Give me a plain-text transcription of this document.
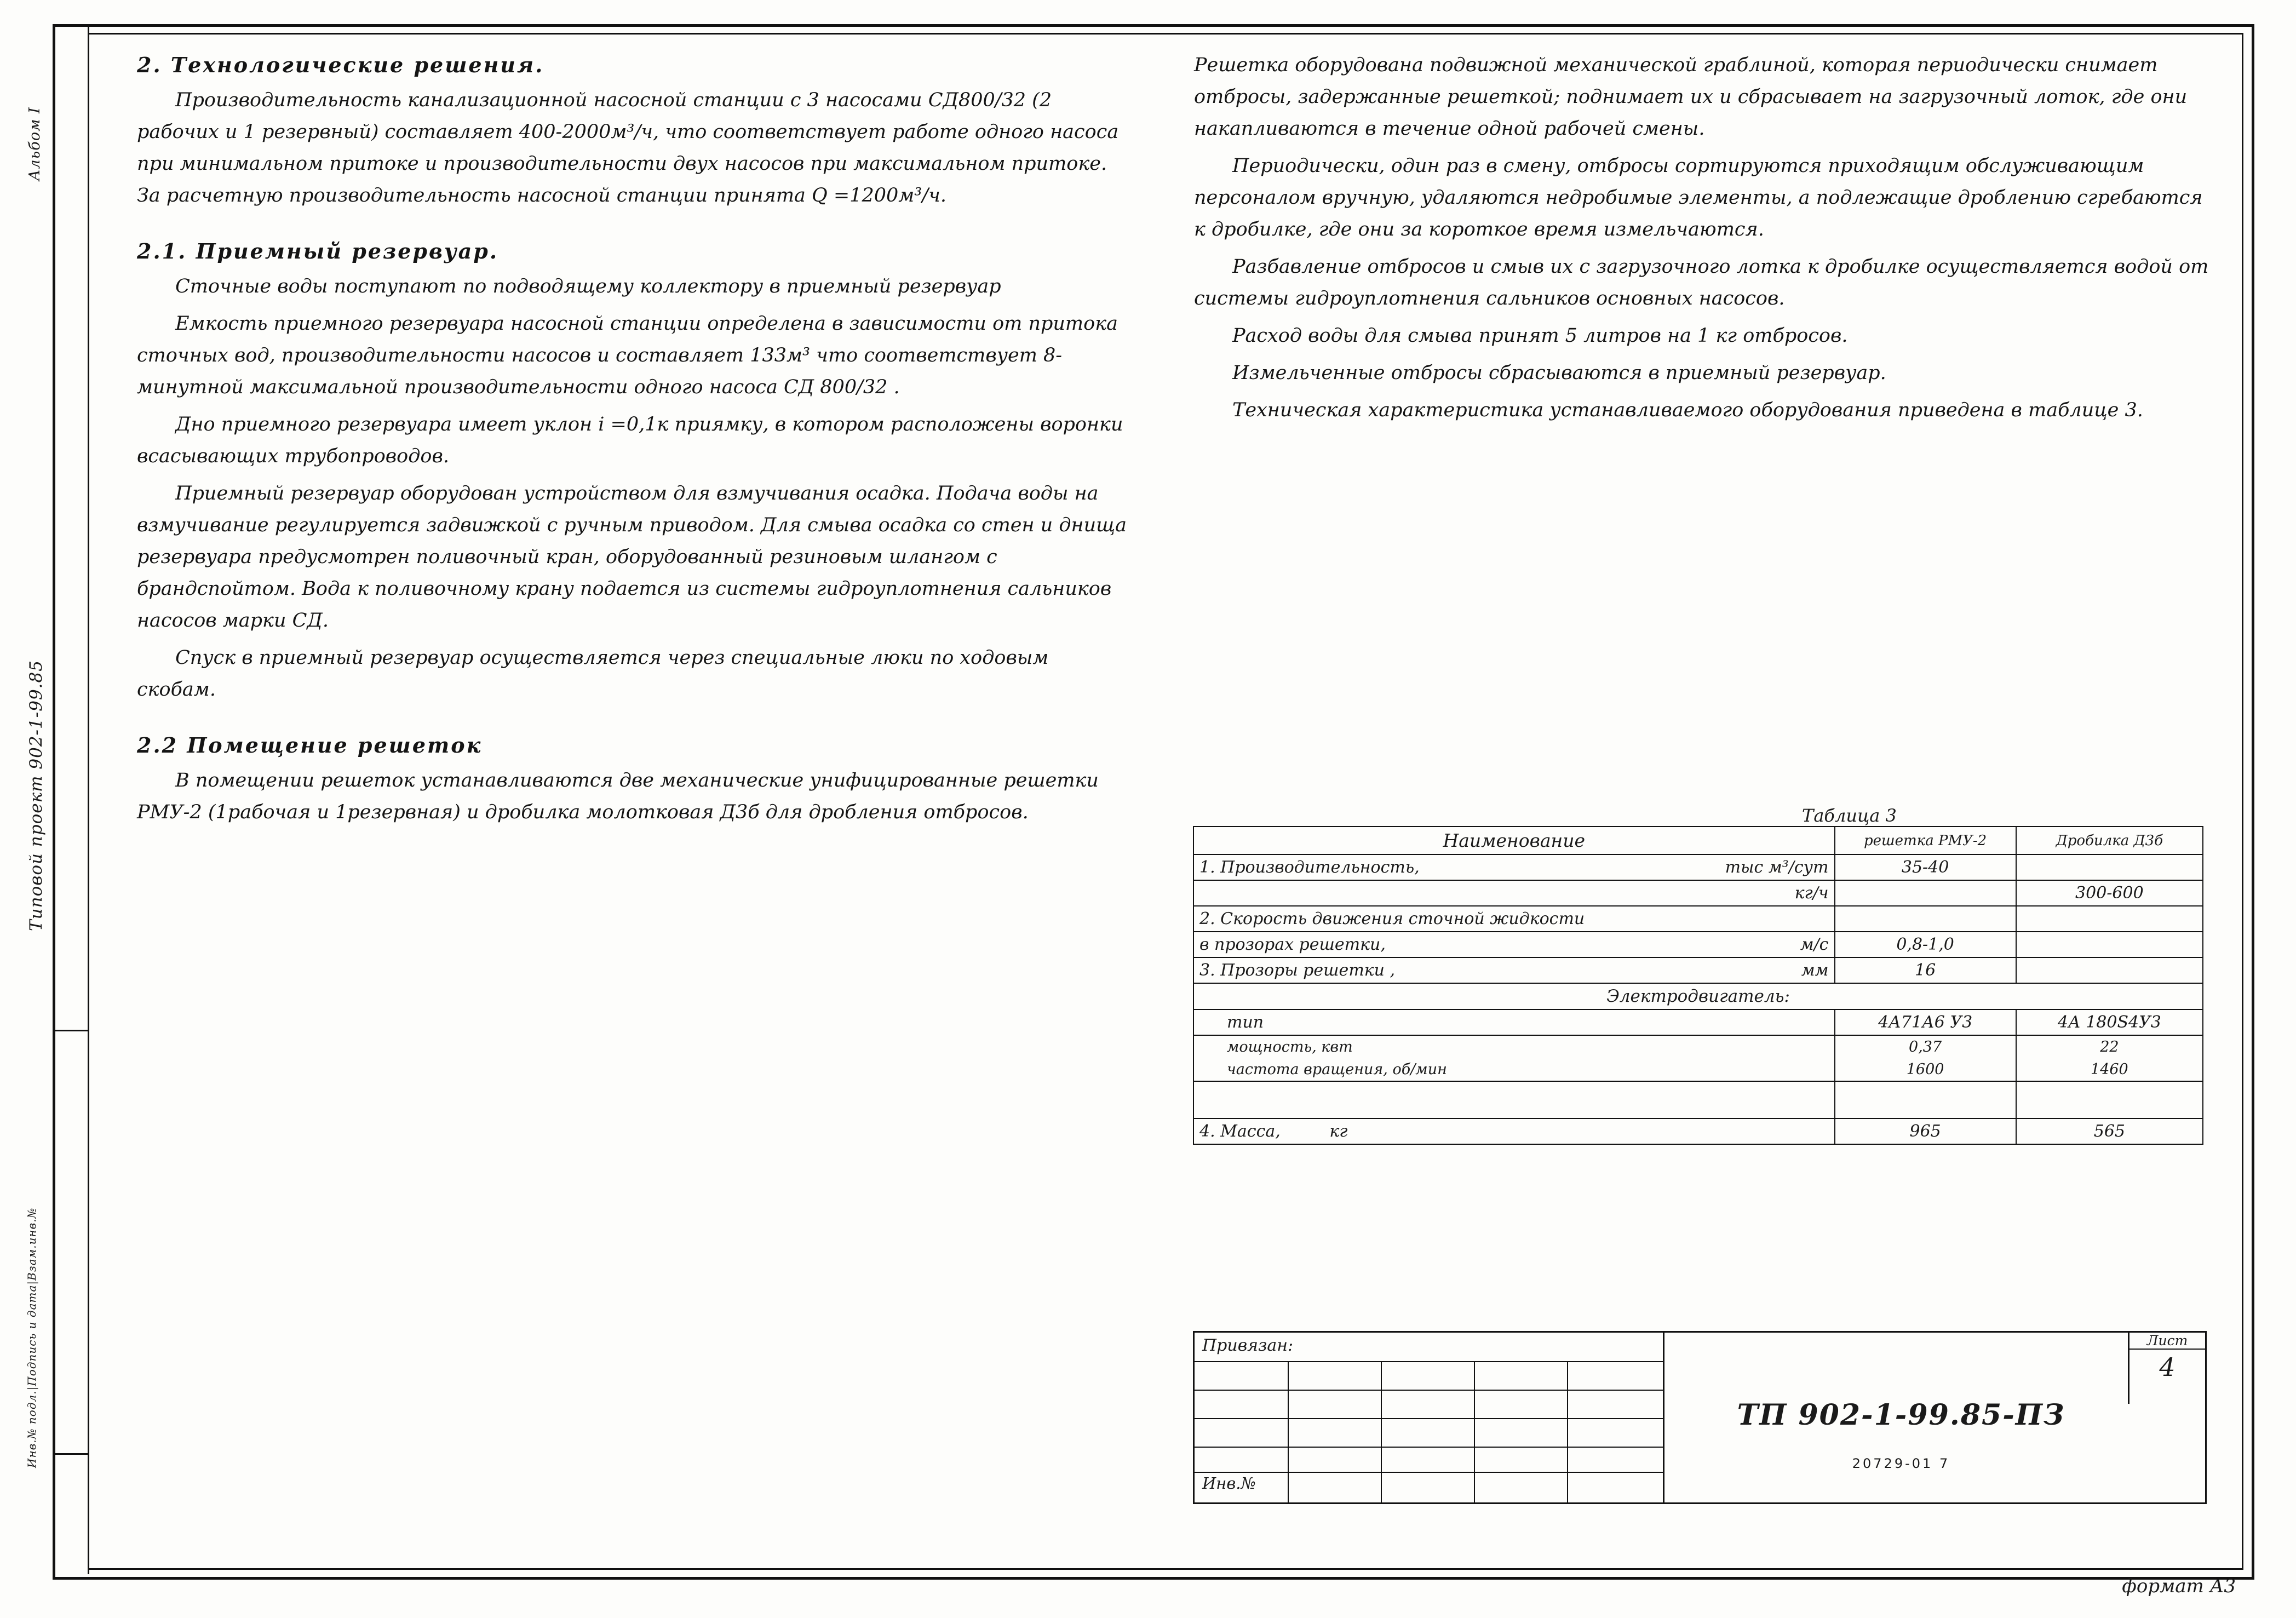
Альбом I
Типовой проект 902-1-99.85
Инв.№ подл.|Подпись и дата|Взам.инв.№
2. Технологические решения.

Производительность канализационной насосной станции с 3 насосами СД800/32 (2 рабочих и 1 резервный) составляет 400-2000м³/ч, что соответствует работе одного насоса при минимальном притоке и производительности двух насосов при максимальном притоке. За расчетную производительность насосной станции принята Q =1200м³/ч.

2.1. Приемный резервуар.

Сточные воды поступают по подводящему коллектору в приемный резервуар

Емкость приемного резервуара насосной станции определена в зависимости от притока сточных вод, производительности насосов и составляет 133м³ что соответствует 8- минутной максимальной производительности одного насоса СД 800/32 .

Дно приемного резервуара имеет уклон i =0,1к приямку, в котором расположены воронки всасывающих трубопроводов.

Приемный резервуар оборудован устройством для взмучивания осадка. Подача воды на взмучивание регулируется задвижкой с ручным приводом. Для смыва осадка со стен и днища резервуара предусмотрен поливочный кран, оборудованный резиновым шлангом с брандспойтом. Вода к поливочному крану подается из системы гидроуплотнения сальников насосов марки СД.

Спуск в приемный резервуар осуществляется через специальные люки по ходовым скобам.

2.2 Помещение решеток

В помещении решеток устанавливаются две механические унифицированные решетки РМУ-2 (1рабочая и 1резервная) и дробилка молотковая Д3б для дробления отбросов.

Решетка оборудована подвижной механической граблиной, которая периодически снимает отбросы, задержанные решеткой; поднимает их и сбрасывает на загрузочный лоток, где они накапливаются в течение одной рабочей смены.

Периодически, один раз в смену, отбросы сортируются приходящим обслуживающим персоналом вручную, удаляются недробимые элементы, а подлежащие дроблению сгребаются к дробилке, где они за короткое время измельчаются.

Разбавление отбросов и смыв их с загрузочного лотка к дробилке осуществляется водой от системы гидроуплотнения сальников основных насосов.

Расход воды для смыва принят 5 литров на 1 кг отбросов.

Измельченные отбросы сбрасываются в приемный резервуар.

Техническая характеристика устанавливаемого оборудования приведена в таблице 3.

Таблица 3
Наименование	решетка РМУ-2	Дробилка Д3б
1. Производительность, тыс м³/сут	35-40	
кг/ч		300-600
2. Скорость движения сточной жидкости		
в прозорах решетки, м/с	0,8-1,0	
3. Прозоры решетки , мм	16	
Электродвигатель:		
тип	4А71А6 У3	4А 180S4У3
мощность, квт	0,37	22
частота вращения, об/мин	1600	1460

4. Масса, кг	965	565
Привязан:
Инв.№
ТП 902-1-99.85-ПЗ
20729-01 7
Лист
4
формат А3
